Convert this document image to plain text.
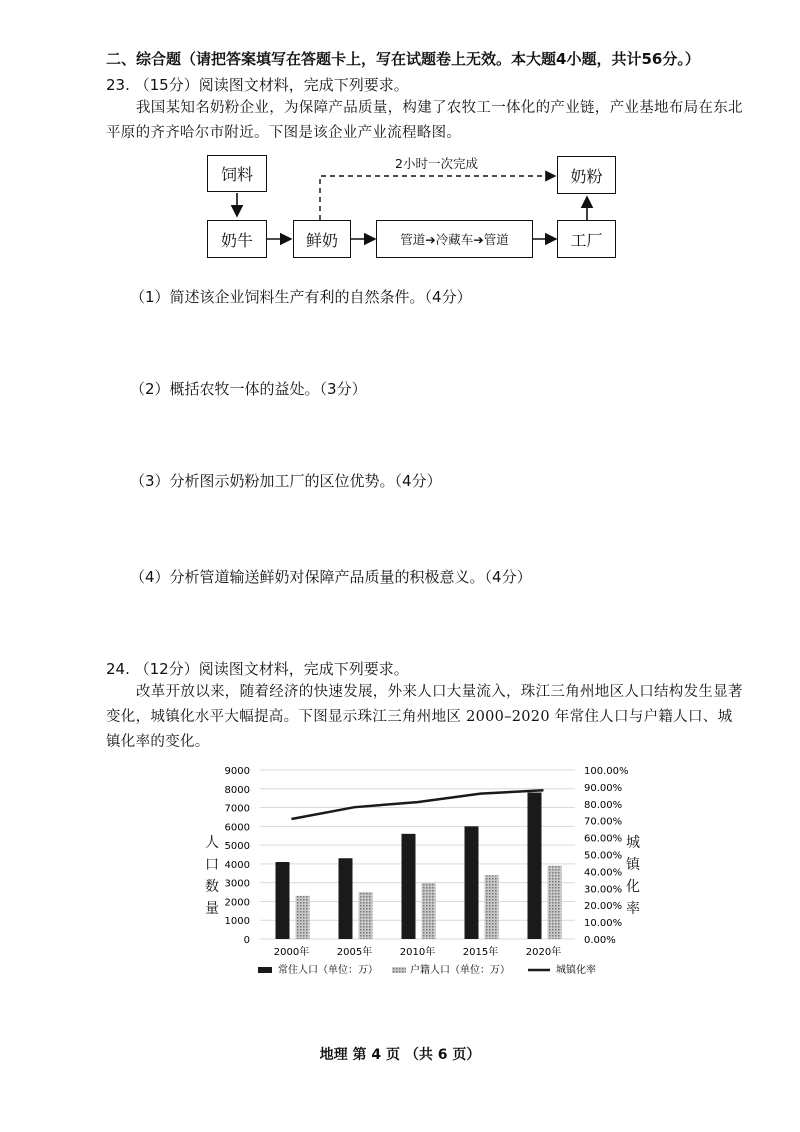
二、综合题（请把答案填写在答题卡上，写在试题卷上无效。本大题4小题，共计56分。）
23. （15分）阅读图文材料，完成下列要求。
我国某知名奶粉企业，为保障产品质量，构建了农牧工一体化的产业链，产业基地布局在东北平原的齐齐哈尔市附近。下图是该企业产业流程略图。
2小时一次完成
饲料
奶牛	鲜奶	管道➔冷藏车➔管道	工厂
奶粉
（1）简述该企业饲料生产有利的自然条件。（4分）
（2）概括农牧一体的益处。（3分）
（3）分析图示奶粉加工厂的区位优势。（4分）
（4）分析管道输送鲜奶对保障产品质量的积极意义。（4分）
24. （12分）阅读图文材料，完成下列要求。
改革开放以来，随着经济的快速发展，外来人口大量流入，珠江三角州地区人口结构发生显著变化，城镇化水平大幅提高。下图显示珠江三角州地区 2000–2020 年常住人口与户籍人口、城镇化率的变化。
0
1000
2000
3000
4000
5000
6000
7000
8000
9000
0.00%
10.00%
20.00%
30.00%
40.00%
50.00%
60.00%
70.00%
80.00%
90.00%
100.00%
2000年	2005年	2010年	2015年	2020年
常住人口（单位：万）	户籍人口（单位：万）	城镇化率
人口数量
城镇化率
地理 第 4 页 （共 6 页）
